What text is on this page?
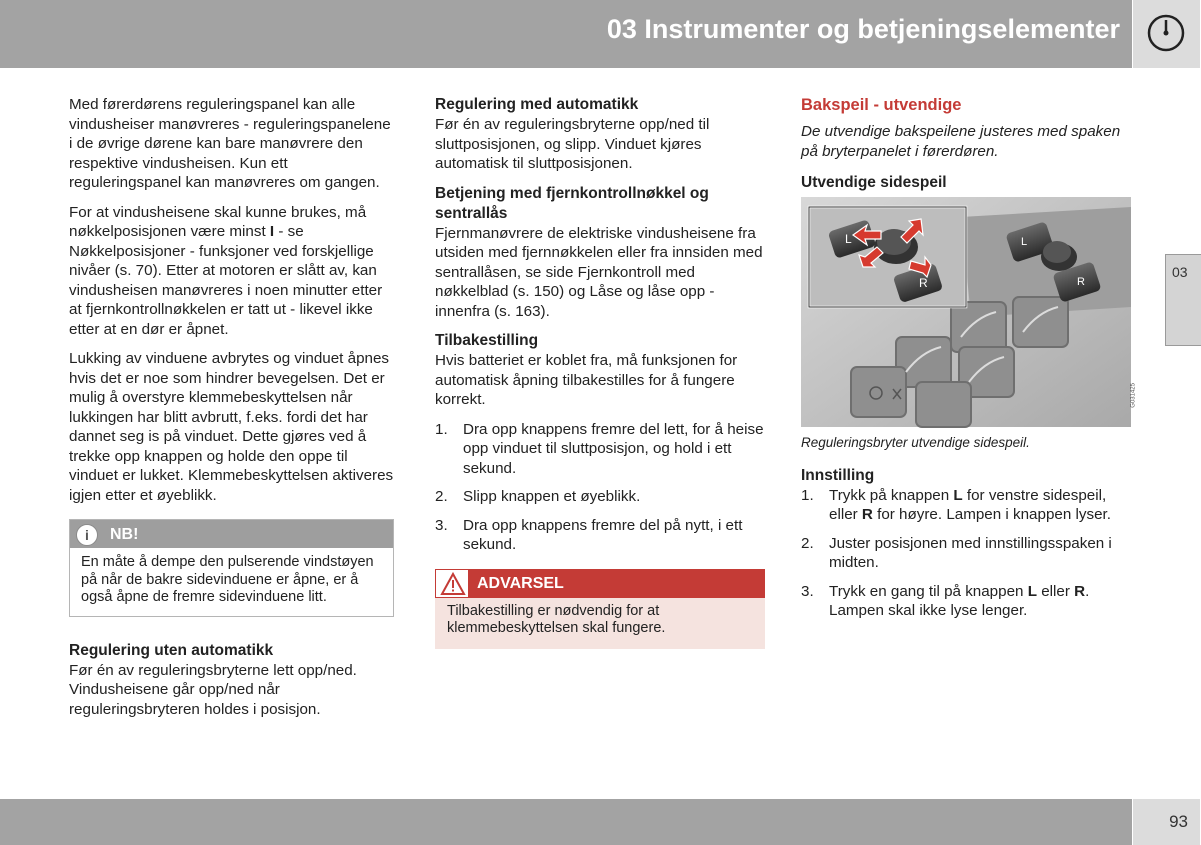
03 Instrumenter og betjeningselementer
03

Med førerdørens reguleringspanel kan alle vindusheiser manøvreres - reguleringspanelene i de øvrige dørene kan bare manøvrere den respektive vindusheisen. Kun ett reguleringspanel kan manøvreres om gangen.

For at vindusheisene skal kunne brukes, må nøkkelposisjonen være minst I - se Nøkkelposisjoner - funksjoner ved forskjellige nivåer (s. 70). Etter at motoren er slått av, kan vindusheisen manøvreres i noen minutter etter at fjernkontrollnøkkelen er tatt ut - likevel ikke etter at en dør er åpnet.

Lukking av vinduene avbrytes og vinduet åpnes hvis det er noe som hindrer bevegelsen. Det er mulig å overstyre klemmebeskyttelsen når lukkingen har blitt avbrutt, f.eks. fordi det har dannet seg is på vinduet. Dette gjøres ved å trekke opp knappen og holde den oppe til vinduet er lukket. Klemmebeskyttelsen aktiveres igjen etter et øyeblikk.

i	NB!
En måte å dempe den pulserende vindstøyen på når de bakre sidevinduene er åpne, er å også åpne de fremre sidevinduene litt.
Regulering uten automatikk

Før én av reguleringsbryterne lett opp/ned. Vindusheisene går opp/ned når reguleringsbryteren holdes i posisjon.

Regulering med automatikk

Før én av reguleringsbryterne opp/ned til sluttposisjonen, og slipp. Vinduet kjøres automatisk til sluttposisjonen.

Betjening med fjernkontrollnøkkel og sentrallås

Fjernmanøvrere de elektriske vindusheisene fra utsiden med fjernnøkkelen eller fra innsiden med sentrallåsen, se side Fjernkontroll med nøkkelblad (s. 150) og Låse og låse opp - innenfra (s. 163).

Tilbakestilling

Hvis batteriet er koblet fra, må funksjonen for automatisk åpning tilbakestilles for å fungere korrekt.

1. Dra opp knappens fremre del lett, for å heise opp vinduet til sluttposisjon, og hold i ett sekund.
2. Slipp knappen et øyeblikk.
3. Dra opp knappens fremre del på nytt, i ett sekund.
ADVARSEL
Tilbakestilling er nødvendig for at klemmebeskyttelsen skal fungere.
Bakspeil - utvendige

De utvendige bakspeilene justeres med spaken på bryterpanelet i førerdøren.

Utvendige sidespeil
L
R
L
R
G031425
Reguleringsbryter utvendige sidespeil.
Innstilling
1. Trykk på knappen L for venstre sidespeil, eller R for høyre. Lampen i knappen lyser.
2. Juster posisjonen med innstillingsspaken i midten.
3. Trykk en gang til på knappen L eller R. Lampen skal ikke lyse lenger.
93
